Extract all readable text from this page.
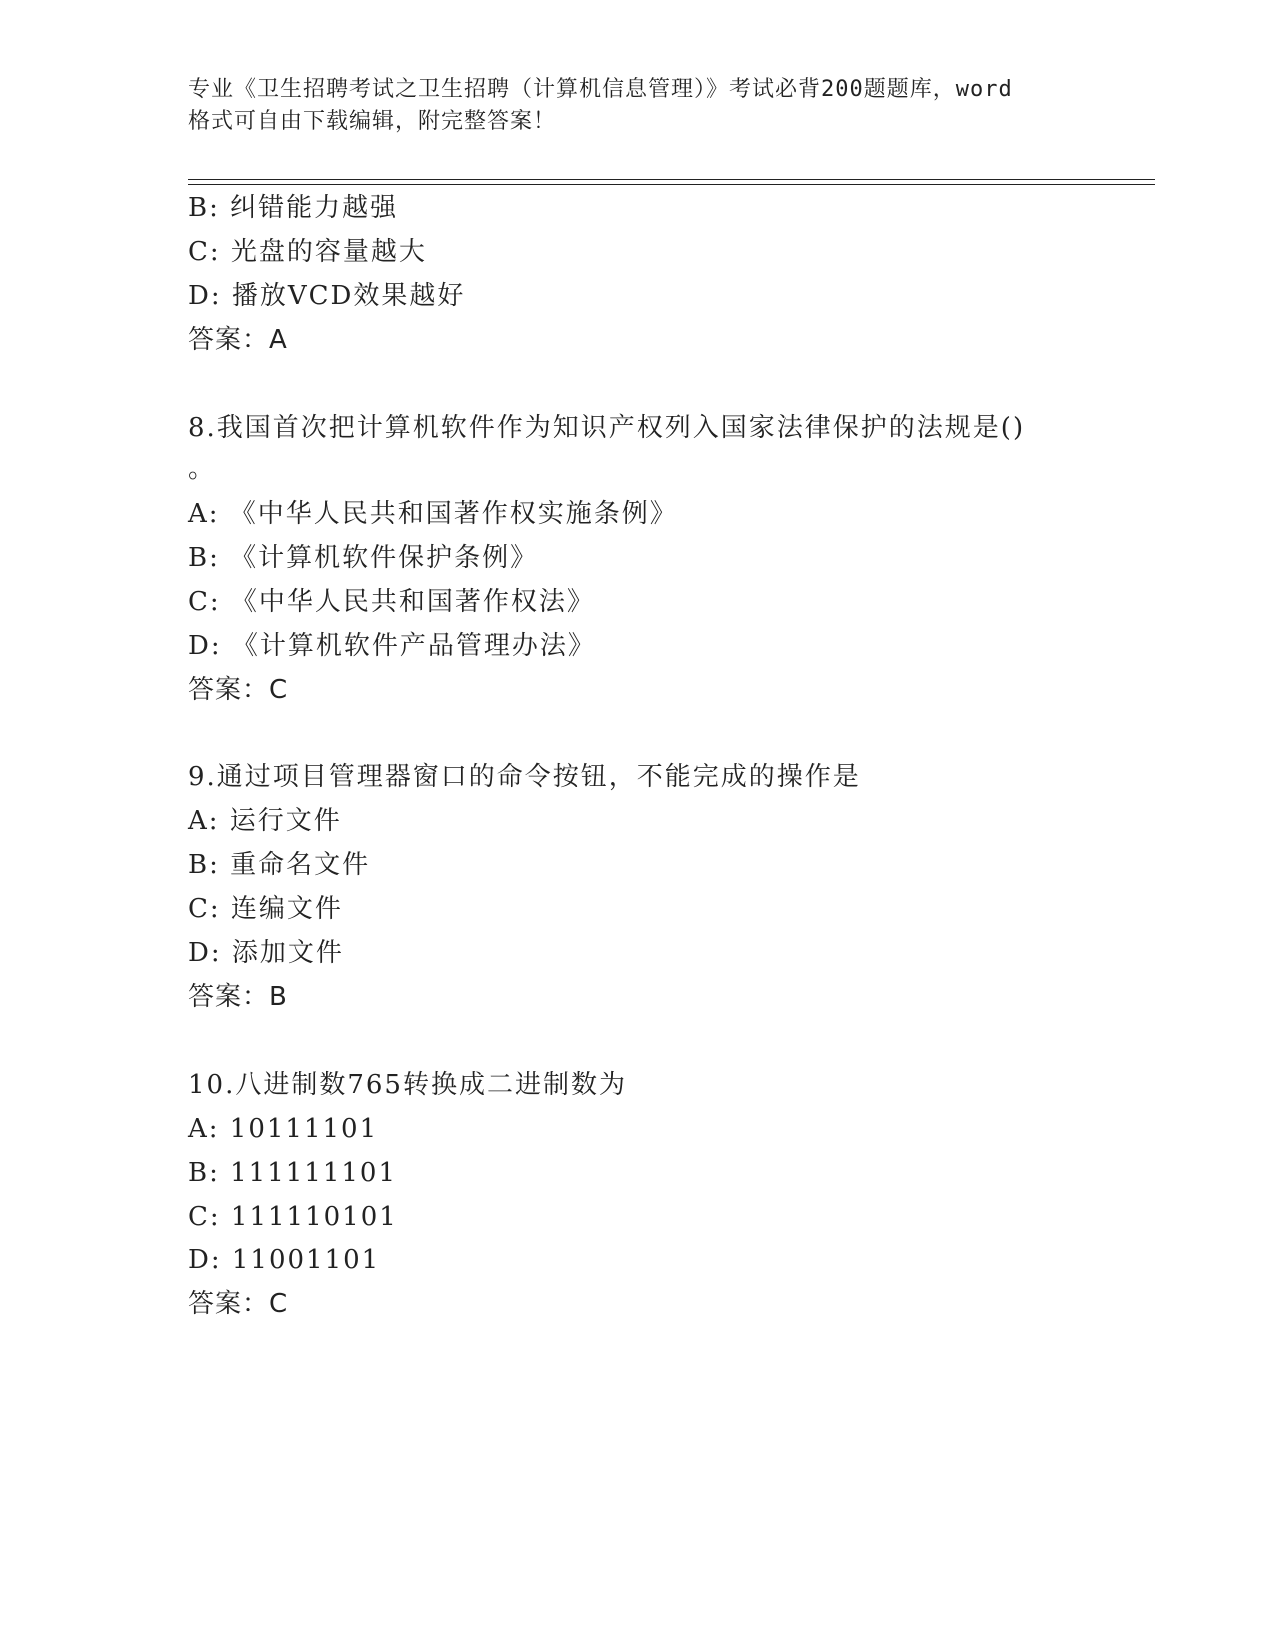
专业《卫生招聘考试之卫生招聘（计算机信息管理）》考试必背200题题库，word
格式可自由下载编辑，附完整答案！
B: 纠错能力越强
C: 光盘的容量越大
D: 播放VCD效果越好
答案：A
8.我国首次把计算机软件作为知识产权列入国家法律保护的法规是()
。
A: 《中华人民共和国著作权实施条例》
B: 《计算机软件保护条例》
C: 《中华人民共和国著作权法》
D: 《计算机软件产品管理办法》
答案：C
9.通过项目管理器窗口的命令按钮，不能完成的操作是
A: 运行文件
B: 重命名文件
C: 连编文件
D: 添加文件
答案：B
10.八进制数765转换成二进制数为
A: 10111101
B: 111111101
C: 111110101
D: 11001101
答案：C
